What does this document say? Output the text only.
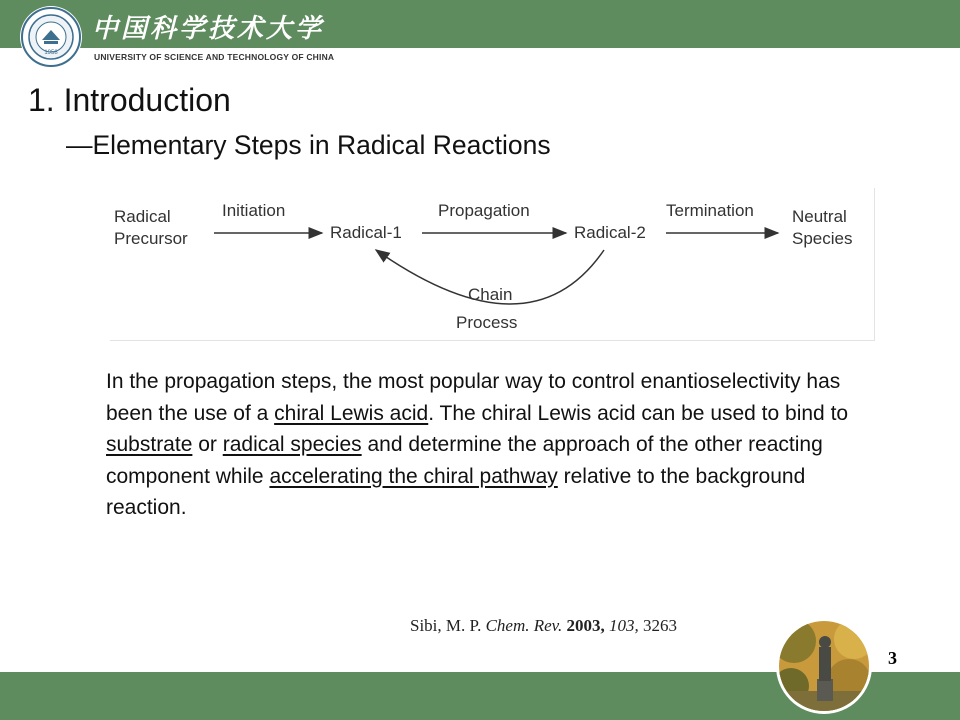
1958
中国科学技术大学
UNIVERSITY OF SCIENCE AND TECHNOLOGY OF CHINA
1. Introduction
—Elementary Steps in Radical Reactions
Radical
Precursor
Initiation
Radical-1
Propagation
Radical-2
Termination Neutral
Species
Chain
Process
In the propagation steps, the most popular way to control enantioselectivity has been the use of a chiral Lewis acid. The chiral Lewis acid can be used to bind to substrate or radical species and determine the approach of the other reacting component while accelerating the chiral pathway relative to the background reaction.
Sibi, M. P. Chem. Rev. 2003, 103, 3263
3
